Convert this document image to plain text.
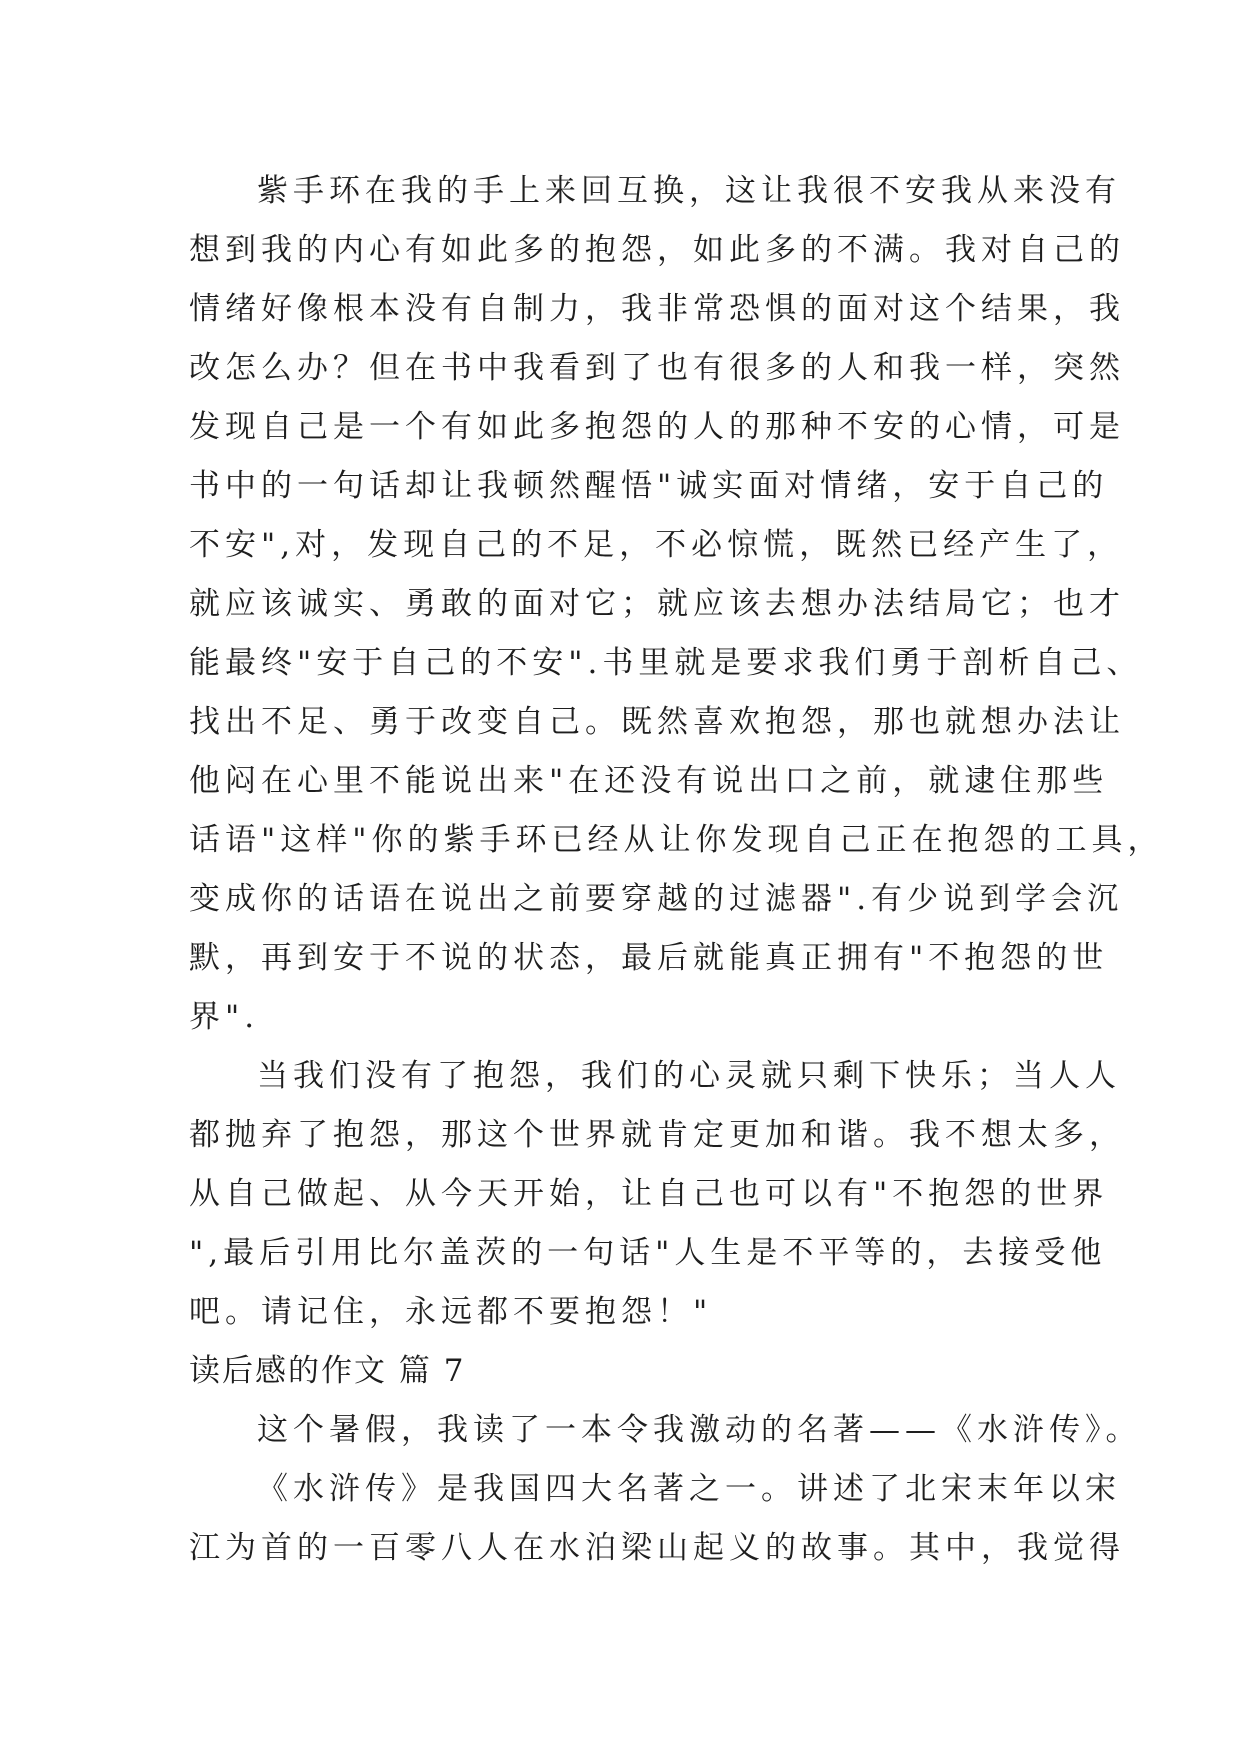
紫手环在我的手上来回互换，这让我很不安我从来没有
想到我的内心有如此多的抱怨，如此多的不满。我对自己的
情绪好像根本没有自制力，我非常恐惧的面对这个结果，我
改怎么办？但在书中我看到了也有很多的人和我一样，突然
发现自己是一个有如此多抱怨的人的那种不安的心情，可是
书中的一句话却让我顿然醒悟"诚实面对情绪，安于自己的
不安",对，发现自己的不足，不必惊慌，既然已经产生了，
就应该诚实、勇敢的面对它；就应该去想办法结局它；也才
能最终"安于自己的不安".书里就是要求我们勇于剖析自己、
找出不足、勇于改变自己。既然喜欢抱怨，那也就想办法让
他闷在心里不能说出来"在还没有说出口之前，就逮住那些
话语"这样"你的紫手环已经从让你发现自己正在抱怨的工具，
变成你的话语在说出之前要穿越的过滤器".有少说到学会沉
默，再到安于不说的状态，最后就能真正拥有"不抱怨的世
界".
当我们没有了抱怨，我们的心灵就只剩下快乐；当人人
都抛弃了抱怨，那这个世界就肯定更加和谐。我不想太多，
从自己做起、从今天开始，让自己也可以有"不抱怨的世界
",最后引用比尔盖茨的一句话"人生是不平等的，去接受他
吧。请记住，永远都不要抱怨！"
读后感的作文 篇 7
这个暑假，我读了一本令我激动的名著——《水浒传》。
《水浒传》是我国四大名著之一。讲述了北宋末年以宋
江为首的一百零八人在水泊梁山起义的故事。其中，我觉得
